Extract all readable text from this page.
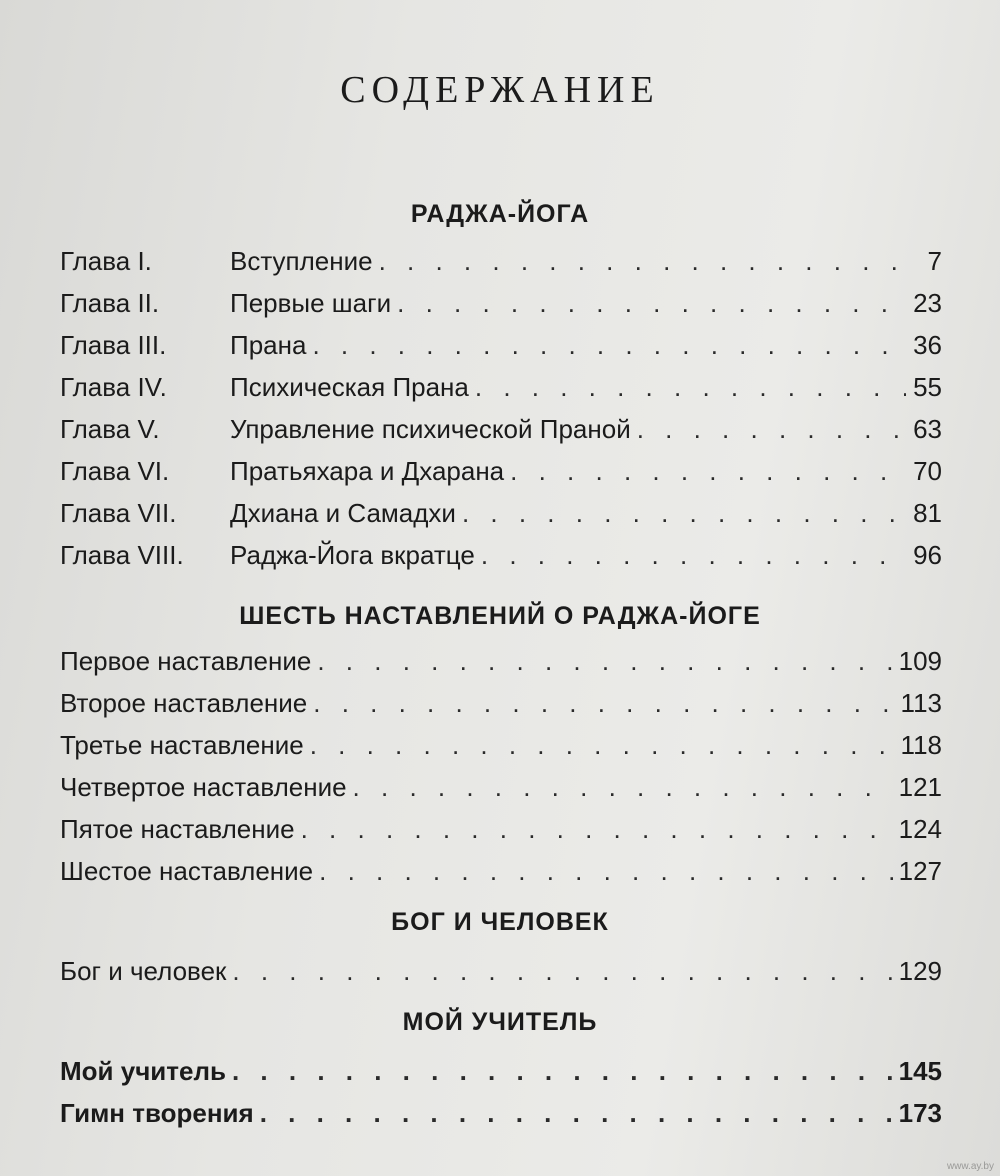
СОДЕРЖАНИЕ
РАДЖА-ЙОГА
Глава I.	Вступление . . .	7
Глава II.	Первые шаги . . .	23
Глава III.	Прана . . .	36
Глава IV.	Психическая Прана . . .	55
Глава V.	Управление психической Праной . . .	63
Глава VI.	Пратьяхара и Дхарана . . .	70
Глава VII.	Дхиана и Самадхи . . .	81
Глава VIII.	Раджа-Йога вкратце . . .	96
ШЕСТЬ НАСТАВЛЕНИЙ О РАДЖА-ЙОГЕ
Первое наставление . . .	109
Второе наставление . . .	113
Третье наставление . . .	118
Четвертое наставление . . .	121
Пятое наставление . . .	124
Шестое наставление . . .	127
БОГ И ЧЕЛОВЕК
Бог и человек . . .	129
МОЙ УЧИТЕЛЬ
Мой учитель . . .	145
Гимн творения . . .	173
www.ay.by
